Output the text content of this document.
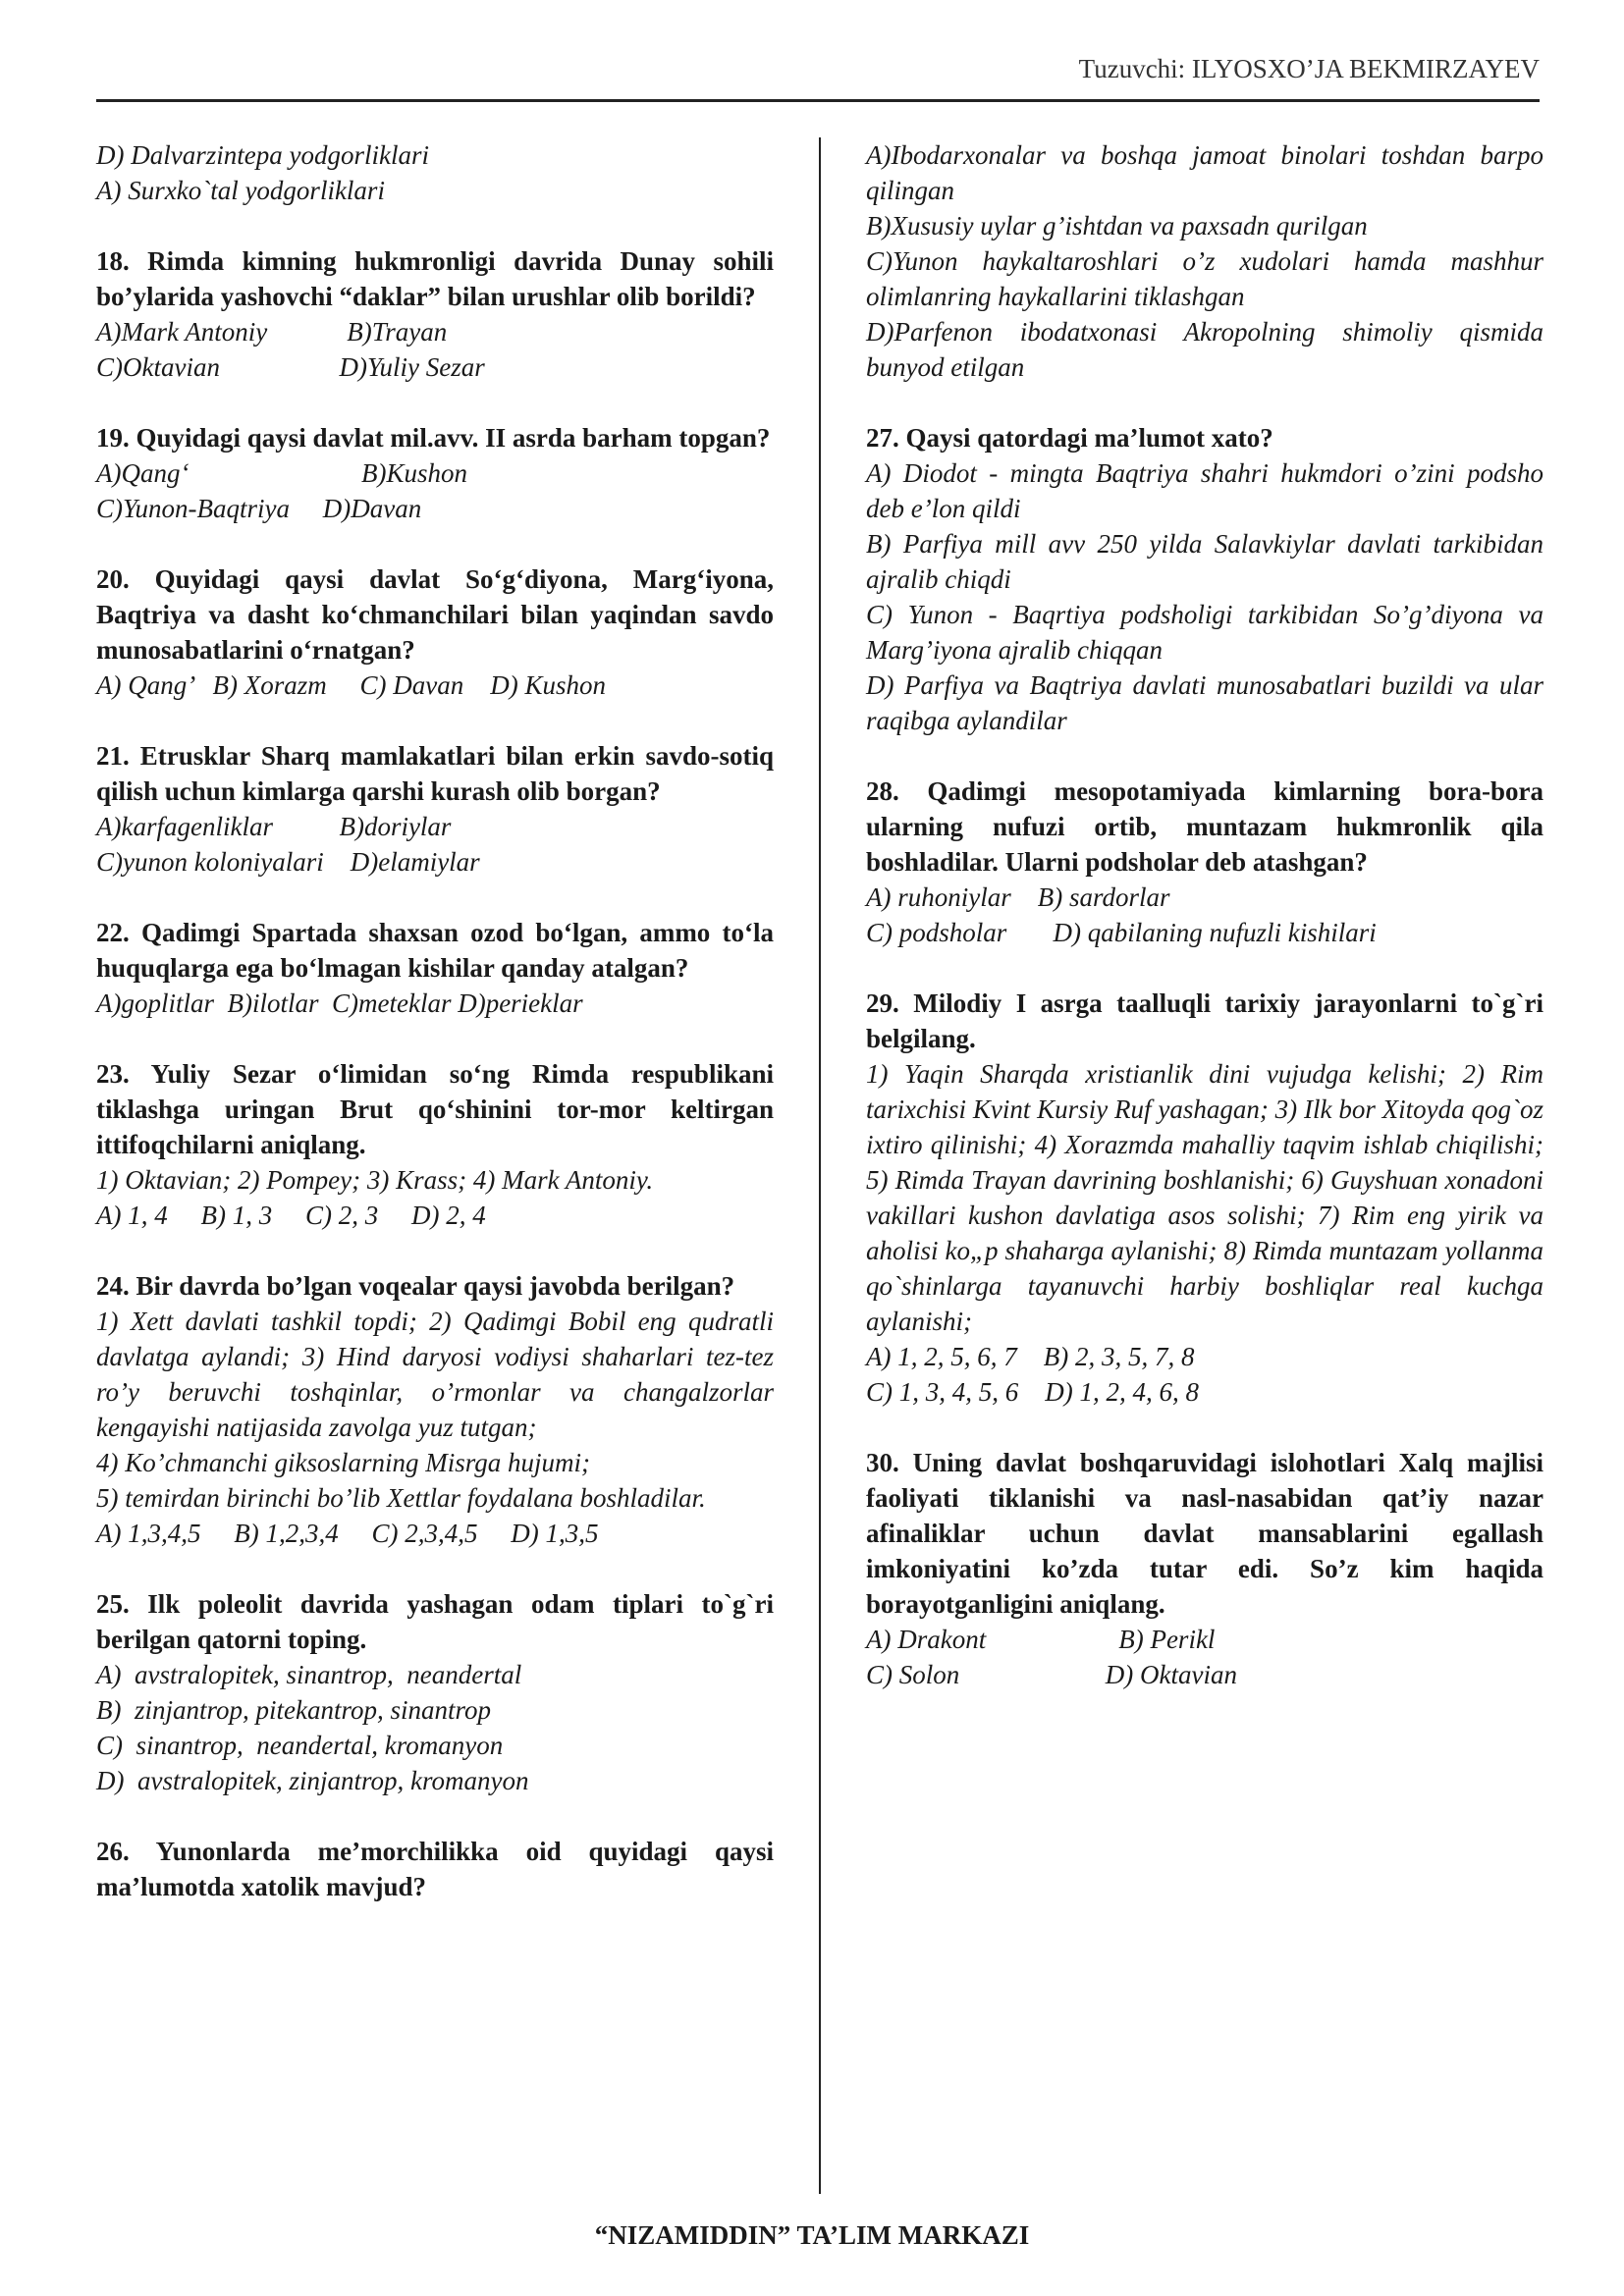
Tuzuvchi: ILYOSXO’JA BEKMIRZAYEV
D) Dalvarzintepa yodgorliklari
A) Surxko`tal yodgorliklari
18. Rimda kimning hukmronligi davrida Dunay sohili bo’ylarida yashovchi “daklar” bilan urushlar olib borildi?
A)Mark Antoniy            B)Trayan
C)Oktavian                  D)Yuliy Sezar
19. Quyidagi qaysi davlat mil.avv. II asrda barham topgan?
A)Qang‘                          B)Kushon
C)Yunon-Baqtriya     D)Davan
20. Quyidagi qaysi davlat So‘g‘diyona, Marg‘iyona, Baqtriya va dasht ko‘chmanchilari bilan yaqindan savdo munosabatlarini o‘rnatgan?
A) Qang’   B) Xorazm     C) Davan    D) Kushon
21. Etrusklar Sharq mamlakatlari bilan erkin savdo-sotiq qilish uchun kimlarga qarshi kurash olib borgan?
A)karfagenliklar          B)doriylar
C)yunon koloniyalari    D)elamiylar
22. Qadimgi Spartada shaxsan ozod bo‘lgan, ammo to‘la huquqlarga ega bo‘lmagan kishilar qanday atalgan?
A)goplitlar  B)ilotlar  C)meteklar D)perieklar
23. Yuliy Sezar o‘limidan so‘ng Rimda respublikani tiklashga uringan Brut qo‘shinini tor-mor keltirgan ittifoqchilarni aniqlang.
1) Oktavian; 2) Pompey; 3) Krass; 4) Mark Antoniy.
A) 1, 4     B) 1, 3     C) 2, 3     D) 2, 4
24. Bir davrda bo’lgan voqealar qaysi javobda berilgan?
1) Xett davlati tashkil topdi; 2) Qadimgi Bobil eng qudratli davlatga aylandi; 3) Hind daryosi vodiysi shaharlari tez-tez ro’y beruvchi toshqinlar, o’rmonlar va changalzorlar kengayishi natijasida zavolga yuz tutgan;
4) Ko’chmanchi giksoslarning Misrga hujumi;
5) temirdan birinchi bo’lib Xettlar foydalana boshladilar.
A) 1,3,4,5     B) 1,2,3,4     C) 2,3,4,5     D) 1,3,5
25. Ilk poleolit davrida yashagan odam tiplari to`g`ri berilgan qatorni toping.
A)  avstralopitek, sinantrop,  neandertal
B)  zinjantrop, pitekantrop, sinantrop
C)  sinantrop,  neandertal, kromanyon
D)  avstralopitek, zinjantrop, kromanyon
26. Yunonlarda me’morchilikka oid quyidagi qaysi ma’lumotda xatolik mavjud?
A)Ibodarxonalar va boshqa jamoat binolari toshdan barpo qilingan
B)Xususiy uylar g’ishtdan va paxsadn qurilgan
C)Yunon haykaltaroshlari o’z xudolari hamda mashhur olimlanring haykallarini tiklashgan
D)Parfenon ibodatxonasi Akropolning shimoliy qismida bunyod etilgan
27. Qaysi qatordagi ma’lumot xato?
A) Diodot - mingta Baqtriya shahri hukmdori o’zini podsho deb e’lon qildi
B) Parfiya mill avv 250 yilda Salavkiylar davlati tarkibidan ajralib chiqdi
C) Yunon - Baqrtiya podsholigi tarkibidan So’g’diyona va Marg’iyona ajralib chiqqan
D) Parfiya va Baqtriya davlati munosabatlari buzildi va ular raqibga aylandilar
28. Qadimgi mesopotamiyada kimlarning bora-bora ularning nufuzi ortib, muntazam hukmronlik qila boshladilar. Ularni podsholar deb atashgan?
A) ruhoniylar    B) sardorlar
C) podsholar       D) qabilaning nufuzli kishilari
29. Milodiy I asrga taalluqli tarixiy jarayonlarni to`g`ri belgilang.
1) Yaqin Sharqda xristianlik dini vujudga kelishi; 2) Rim tarixchisi Kvint Kursiy Ruf yashagan; 3) Ilk bor Xitoyda qog`oz ixtiro qilinishi; 4) Xorazmda mahalliy taqvim ishlab chiqilishi; 5) Rimda Trayan davrining boshlanishi; 6) Guyshuan xonadoni vakillari kushon davlatiga asos solishi; 7) Rim eng yirik va aholisi ko„p shaharga aylanishi; 8) Rimda muntazam yollanma qo`shinlarga tayanuvchi harbiy boshliqlar real kuchga aylanishi;
A) 1, 2, 5, 6, 7    B) 2, 3, 5, 7, 8
C) 1, 3, 4, 5, 6    D) 1, 2, 4, 6, 8
30. Uning davlat boshqaruvidagi islohotlari Xalq majlisi faoliyati tiklanishi va nasl-nasabidan qat’iy nazar afinaliklar uchun davlat mansablarini egallash imkoniyatini ko’zda tutar edi. So’z kim haqida borayotganligini aniqlang.
A) Drakont                    B) Perikl
C) Solon                      D) Oktavian
“NIZAMIDDIN” TA’LIM MARKAZI
